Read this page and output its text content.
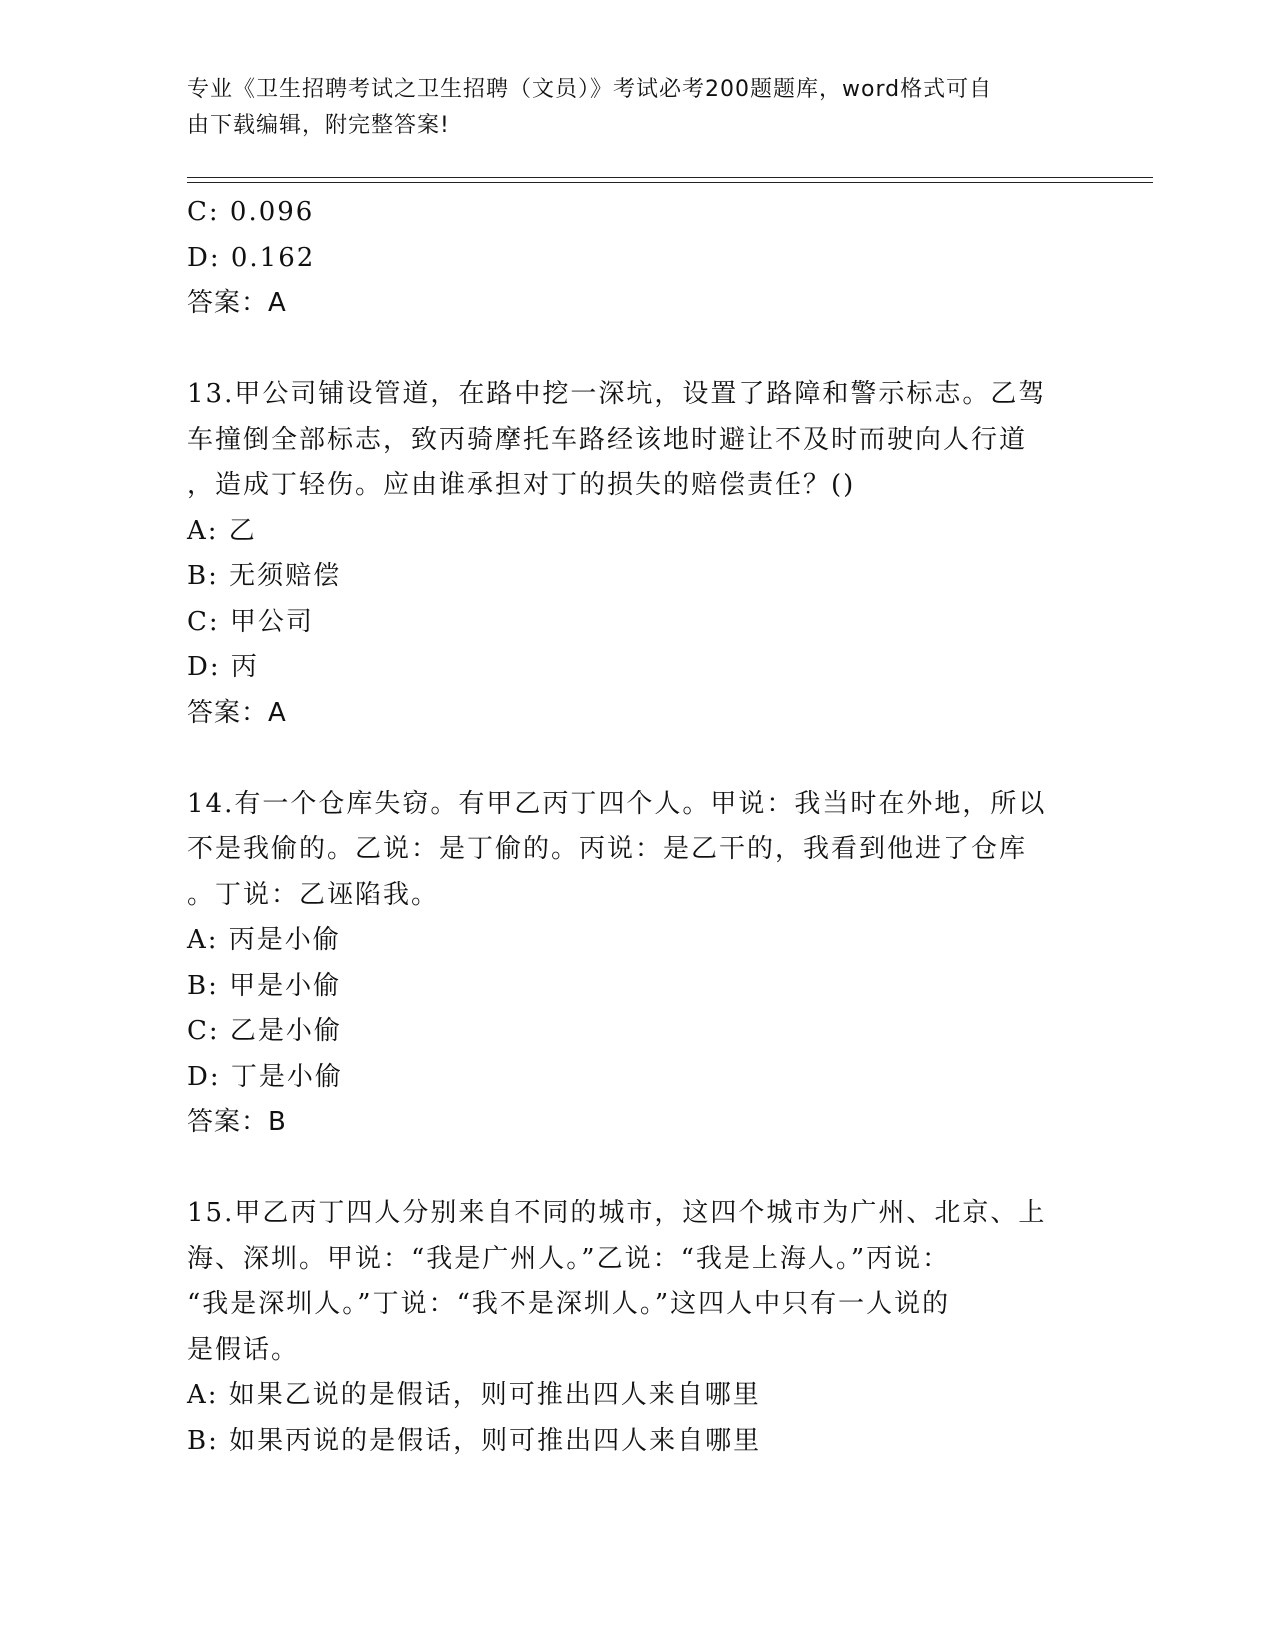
专业《卫生招聘考试之卫生招聘（文员）》考试必考200题题库，word格式可自
由下载编辑，附完整答案!
C: 0.096
D: 0.162
答案：A
13.甲公司铺设管道，在路中挖一深坑，设置了路障和警示标志。乙驾
车撞倒全部标志，致丙骑摩托车路经该地时避让不及时而驶向人行道
，造成丁轻伤。应由谁承担对丁的损失的赔偿责任？()
A: 乙
B: 无须赔偿
C: 甲公司
D: 丙
答案：A
14.有一个仓库失窃。有甲乙丙丁四个人。甲说：我当时在外地，所以
不是我偷的。乙说：是丁偷的。丙说：是乙干的，我看到他进了仓库
。丁说：乙诬陷我。
A: 丙是小偷
B: 甲是小偷
C: 乙是小偷
D: 丁是小偷
答案：B
15.甲乙丙丁四人分别来自不同的城市，这四个城市为广州、北京、上
海、深圳。甲说：“我是广州人。”乙说：“我是上海人。”丙说：
“我是深圳人。”丁说：“我不是深圳人。”这四人中只有一人说的
是假话。
A: 如果乙说的是假话，则可推出四人来自哪里
B: 如果丙说的是假话，则可推出四人来自哪里
